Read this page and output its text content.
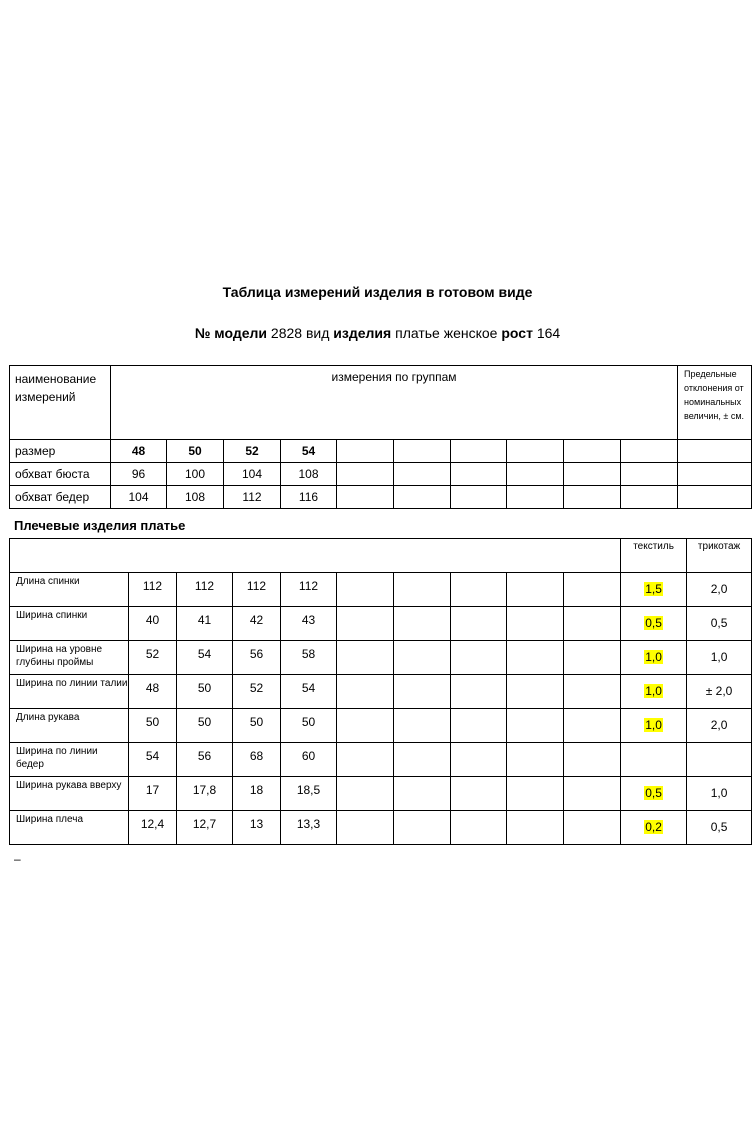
Таблица измерений изделия в готовом виде
№ модели 2828 вид изделия платье женское рост 164
наименование измерений	измерения по группам										Предельные отклонения от номинальных величин, ± см.
размер	48	50	52	54							
обхват бюста	96	100	104	108							
обхват бедер	104	108	112	116							
Плечевые изделия платье
										текстиль	трикотаж
Длина спинки	112	112	112	112						1,5	2,0
Ширина спинки	40	41	42	43						0,5	0,5
Ширина на уровне глубины проймы	52	54	56	58						1,0	1,0
Ширина по линии талии	48	50	52	54						1,0	± 2,0
Длина рукава	50	50	50	50						1,0	2,0
Ширина по линии бедер	54	56	68	60							
Ширина рукава вверху	17	17,8	18	18,5						0,5	1,0
Ширина плеча	12,4	12,7	13	13,3						0,2	0,5
–
